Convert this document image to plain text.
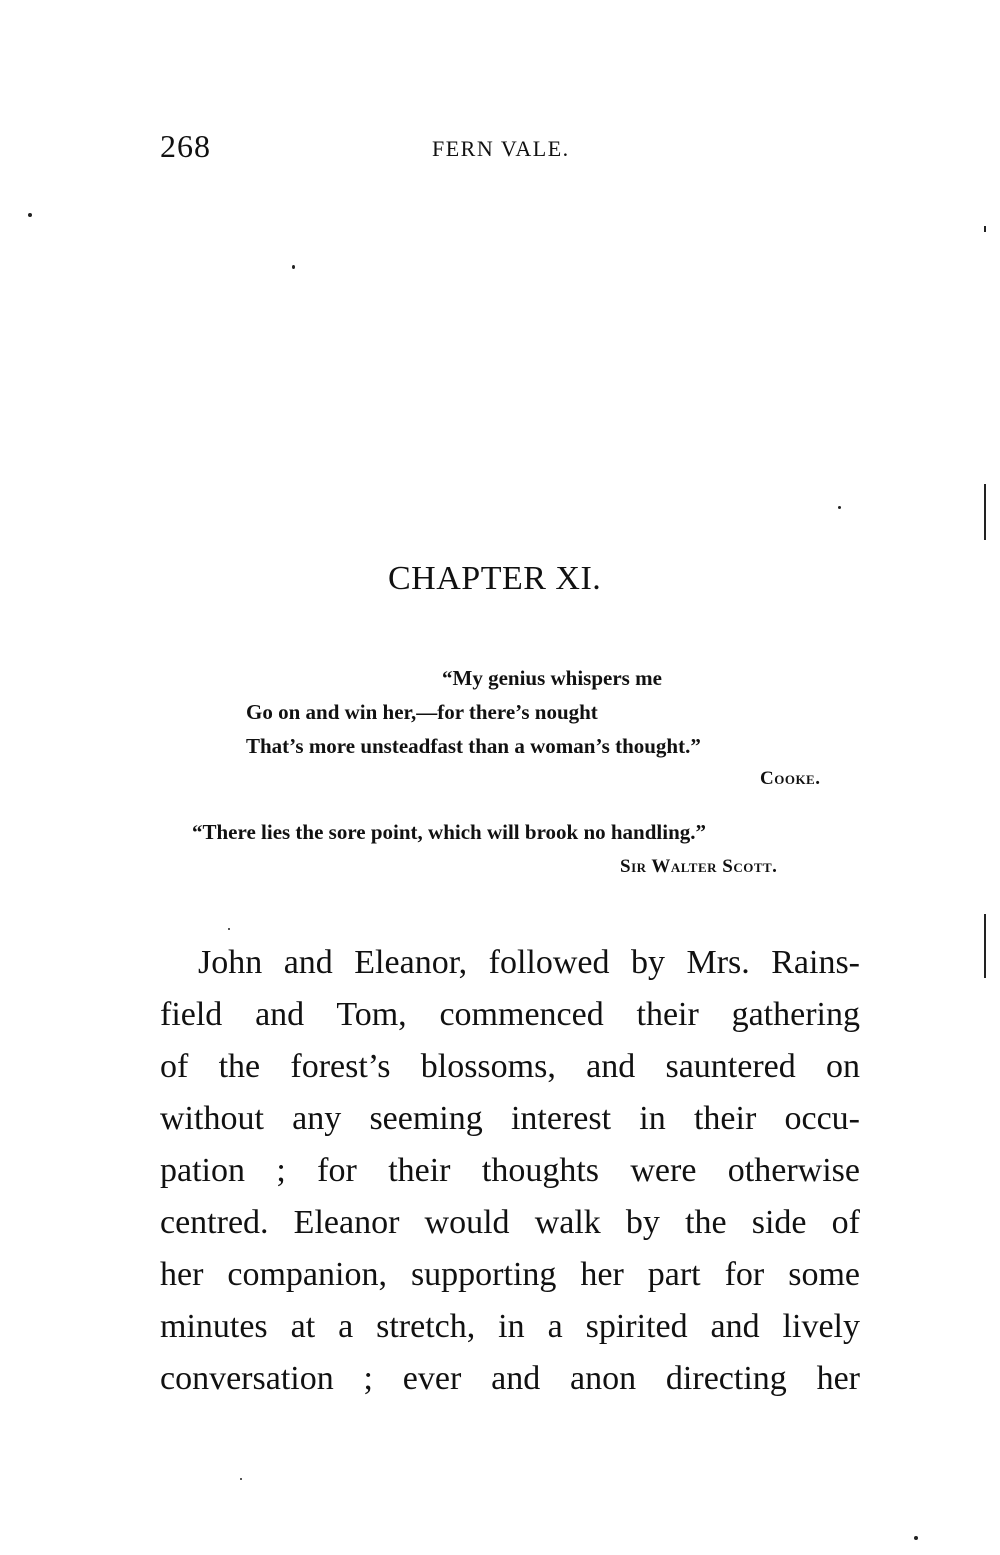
268	FERN VALE.
CHAPTER XI.
“My genius whispers me
Go on and win her,—for there’s nought
That’s more unsteadfast than a woman’s thought.”
Cooke.
“There lies the sore point, which will brook no handling.”
Sir Walter Scott.
John and Eleanor, followed by Mrs. Rains-
field and Tom, commenced their gathering
of the forest’s blossoms, and sauntered on
without any seeming interest in their occu-
pation ; for their thoughts were otherwise
centred. Eleanor would walk by the side of
her companion, supporting her part for some
minutes at a stretch, in a spirited and lively
conversation ; ever and anon directing her
